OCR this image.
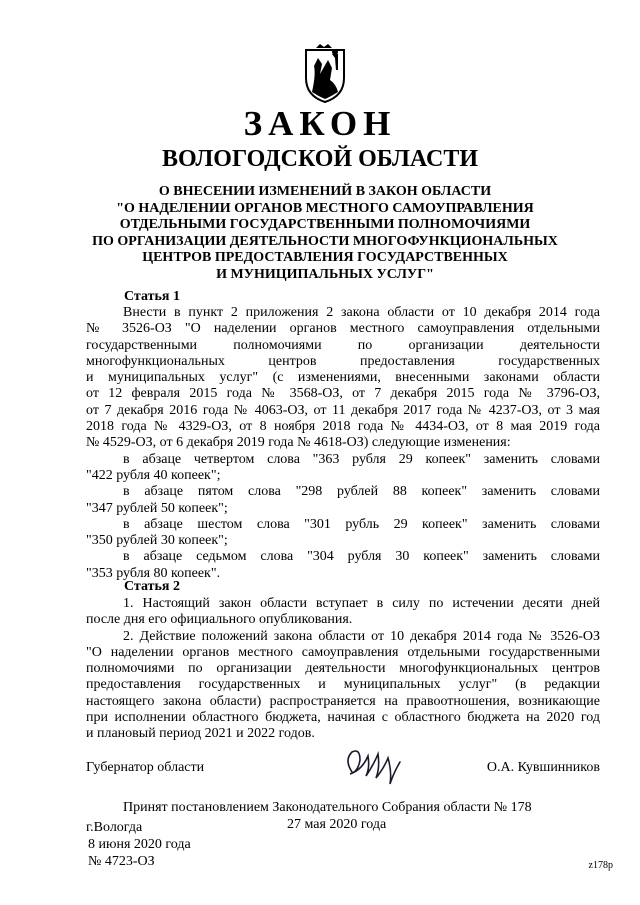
ЗАКОН
ВОЛОГОДСКОЙ ОБЛАСТИ
О ВНЕСЕНИИ ИЗМЕНЕНИЙ В ЗАКОН ОБЛАСТИ
"О НАДЕЛЕНИИ ОРГАНОВ МЕСТНОГО САМОУПРАВЛЕНИЯ
ОТДЕЛЬНЫМИ ГОСУДАРСТВЕННЫМИ ПОЛНОМОЧИЯМИ
ПО ОРГАНИЗАЦИИ ДЕЯТЕЛЬНОСТИ МНОГОФУНКЦИОНАЛЬНЫХ
ЦЕНТРОВ ПРЕДОСТАВЛЕНИЯ ГОСУДАРСТВЕННЫХ
И МУНИЦИПАЛЬНЫХ УСЛУГ"
Статья 1
Внести в пункт 2 приложения 2 закона области от 10 декабря 2014 года
№ 3526-ОЗ "О наделении органов местного самоуправления отдельными
государственными полномочиями по организации деятельности
многофункциональных центров предоставления государственных
и муниципальных услуг" (с изменениями, внесенными законами области
от 12 февраля 2015 года № 3568-ОЗ, от 7 декабря 2015 года № 3796-ОЗ,
от 7 декабря 2016 года № 4063-ОЗ, от 11 декабря 2017 года № 4237-ОЗ, от 3 мая
2018 года № 4329-ОЗ, от 8 ноября 2018 года № 4434-ОЗ, от 8 мая 2019 года
№ 4529-ОЗ, от 6 декабря 2019 года № 4618-ОЗ) следующие изменения:
в абзаце четвертом слова "363 рубля 29 копеек" заменить словами
"422 рубля 40 копеек";
в абзаце пятом слова "298 рублей 88 копеек" заменить словами
"347 рублей 50 копеек";
в абзаце шестом слова "301 рубль 29 копеек" заменить словами
"350 рублей 30 копеек";
в абзаце седьмом слова "304 рубля 30 копеек" заменить словами
"353 рубля 80 копеек".
Статья 2
1. Настоящий закон области вступает в силу по истечении десяти дней
после дня его официального опубликования.
2. Действие положений закона области от 10 декабря 2014 года № 3526-ОЗ
"О наделении органов местного самоуправления отдельными государственными
полномочиями по организации деятельности многофункциональных центров
предоставления государственных и муниципальных услуг" (в редакции
настоящего закона области) распространяется на правоотношения, возникающие
при исполнении областного бюджета, начиная с областного бюджета на 2020 год
и плановый период 2021 и 2022 годов.
Губернатор области	О.А. Кувшинников
Принят постановлением Законодательного Собрания области № 178
27 мая 2020 года
г.Вологда
8 июня 2020 года
№ 4723-ОЗ	z178p
